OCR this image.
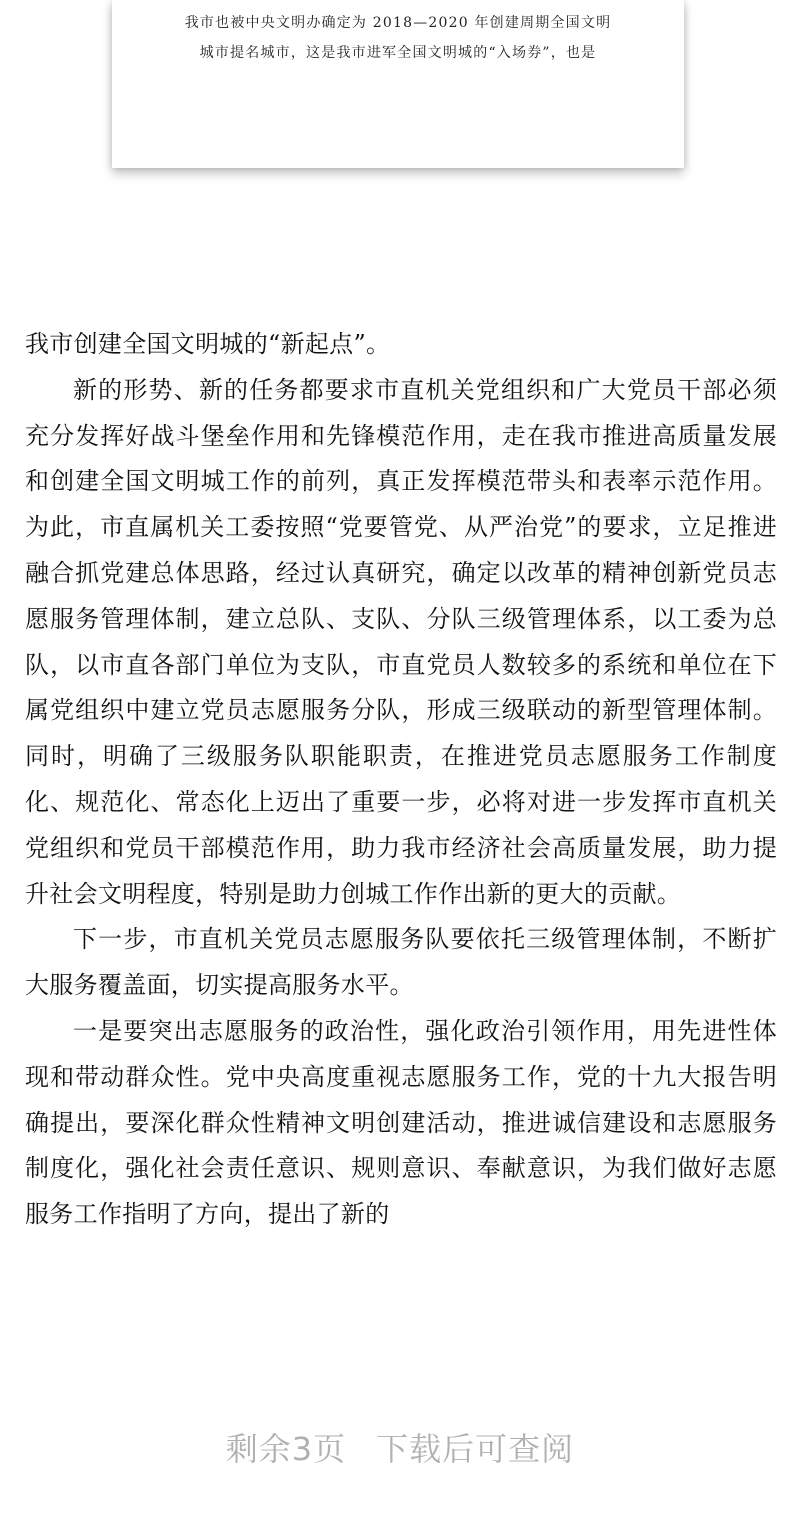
我市也被中央文明办确定为 2018—2020 年创建周期全国文明
城市提名城市，这是我市进军全国文明城的“入场券”，也是

我市创建全国文明城的“新起点”。

新的形势、新的任务都要求市直机关党组织和广大党员干部必须充分发挥好战斗堡垒作用和先锋模范作用，走在我市推进高质量发展和创建全国文明城工作的前列，真正发挥模范带头和表率示范作用。为此，市直属机关工委按照“党要管党、从严治党”的要求，立足推进融合抓党建总体思路，经过认真研究，确定以改革的精神创新党员志愿服务管理体制，建立总队、支队、分队三级管理体系，以工委为总队，以市直各部门单位为支队，市直党员人数较多的系统和单位在下属党组织中建立党员志愿服务分队，形成三级联动的新型管理体制。同时，明确了三级服务队职能职责，在推进党员志愿服务工作制度化、规范化、常态化上迈出了重要一步，必将对进一步发挥市直机关党组织和党员干部模范作用，助力我市经济社会高质量发展，助力提升社会文明程度，特别是助力创城工作作出新的更大的贡献。

下一步，市直机关党员志愿服务队要依托三级管理体制，不断扩大服务覆盖面，切实提高服务水平。

一是要突出志愿服务的政治性，强化政治引领作用，用先进性体现和带动群众性。党中央高度重视志愿服务工作，党的十九大报告明确提出，要深化群众性精神文明创建活动，推进诚信建设和志愿服务制度化，强化社会责任意识、规则意识、奉献意识，为我们做好志愿服务工作指明了方向，提出了新的

剩余3页 下载后可查阅
